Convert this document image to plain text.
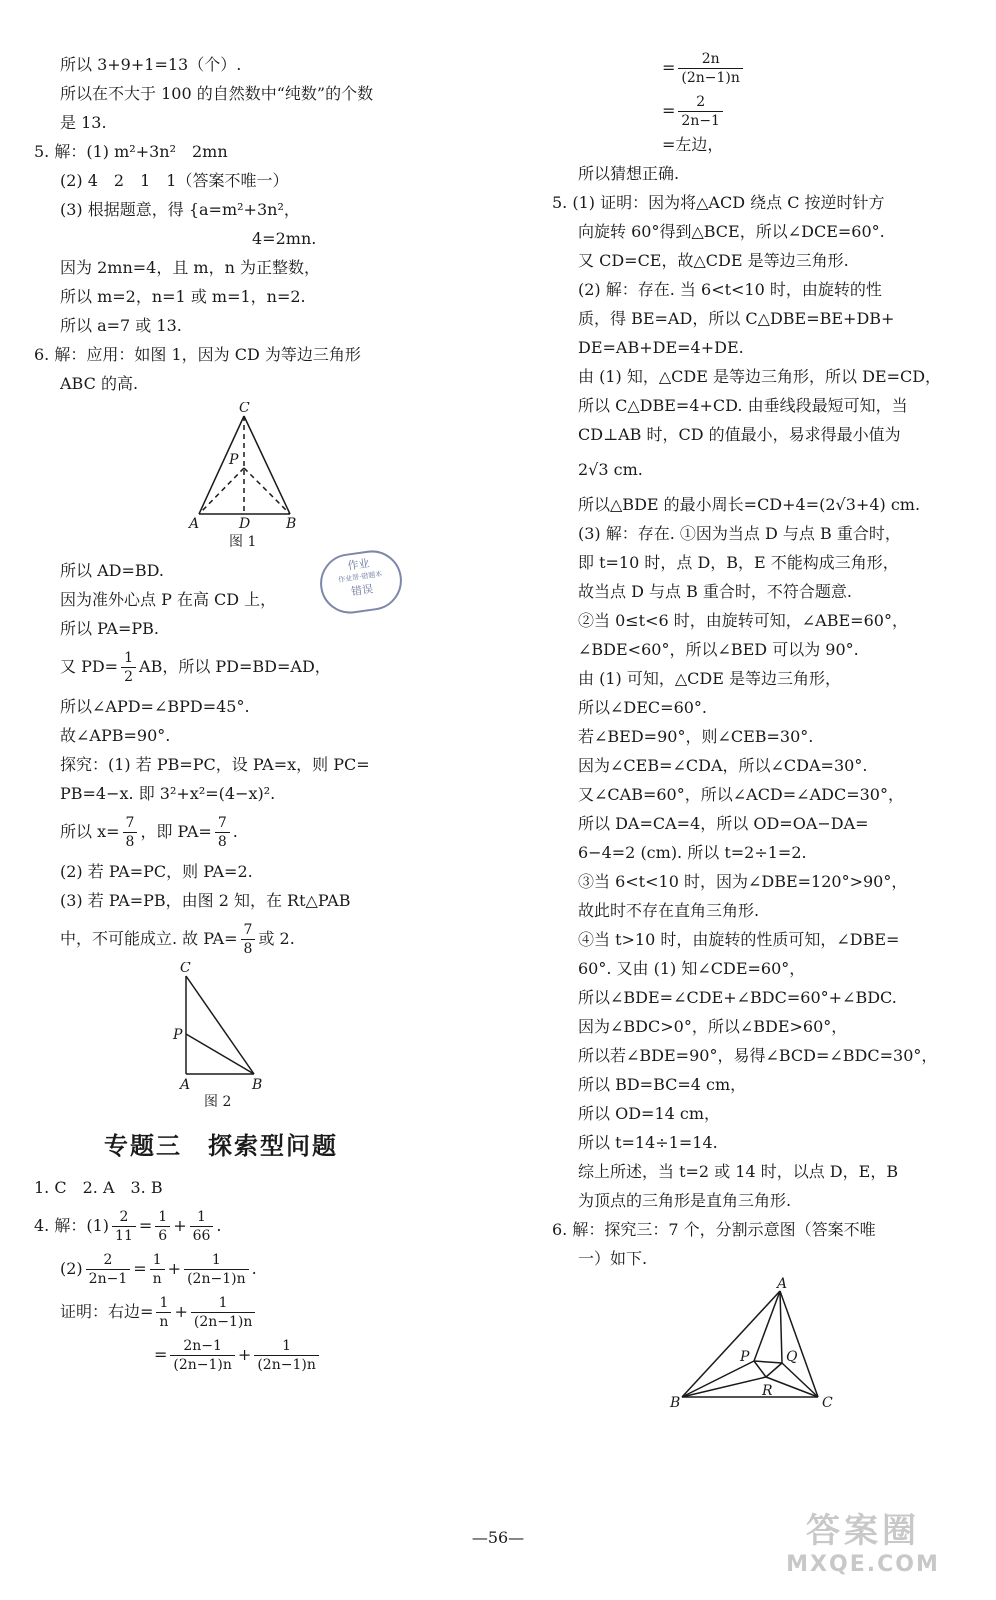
所以 3+9+1=13（个）.

所以在不大于 100 的自然数中“纯数”的个数

是 13.

5. 解：(1) m²+3n²　2mn

(2) 4　2　1　1（答案不唯一）

(3) 根据题意，得 {a=m²+3n²，

4=2mn.

因为 2mn=4，且 m，n 为正整数，

所以 m=2，n=1 或 m=1，n=2.

所以 a=7 或 13.

6. 解：应用：如图 1，因为 CD 为等边三角形

ABC 的高.

C
P
A	D	B
图 1

所以 AD=BD.

因为准外心点 P 在高 CD 上，

所以 PA=PB.

又 $PD= \frac{1}{2}$ AB，所以 PD=BD=AD，

所以∠APD=∠BPD=45°.

故∠APB=90°.

探究：(1) 若 PB=PC，设 PA=x，则 PC=

PB=4−x. 即 3²+x²=(4−x)².

所以 $x= \frac{7}{8}$ ，即 $PA= \frac{7}{8}$ .

(2) 若 PA=PC，则 PA=2.

(3) 若 PA=PB，由图 2 知，在 Rt△PAB

中，不可能成立. 故 $PA= \frac{7}{8}$ 或 2.

C
P
A	B
图 2
专题三　探索型问题

1. C　2. A　3. B

4. 解：$(1) \frac{2}{11} = \frac{1}{6} + \frac{1}{66}$ .

$(2) \frac{2}{2n-1} = \frac{1}{n} + \frac{1}{(2n-1)n}$ .

证明：右边= $\frac{1}{n} + \frac{1}{(2n-1)n}$

= $\frac{2n-1}{(2n-1)n} + \frac{1}{(2n-1)n}$

= $\frac{2n}{(2n-1)n}$

= $\frac{2}{2n-1}$

=左边，

所以猜想正确.

5. (1) 证明：因为将△ACD 绕点 C 按逆时针方

向旋转 60°得到△BCE，所以∠DCE=60°.

又 CD=CE，故△CDE 是等边三角形.

(2) 解：存在. 当 6<t<10 时，由旋转的性

质，得 BE=AD，所以 C△DBE=BE+DB+

DE=AB+DE=4+DE.

由 (1) 知，△CDE 是等边三角形，所以 DE=CD，

所以 C△DBE=4+CD. 由垂线段最短可知，当

CD⊥AB 时，CD 的值最小，易求得最小值为

2√3 cm.

所以△BDE 的最小周长=CD+4=(2√3+4) cm.

(3) 解：存在. ①因为当点 D 与点 B 重合时，

即 t=10 时，点 D，B，E 不能构成三角形，

故当点 D 与点 B 重合时，不符合题意.

②当 0≤t<6 时，由旋转可知，∠ABE=60°，

∠BDE<60°，所以∠BED 可以为 90°.

由 (1) 可知，△CDE 是等边三角形，

所以∠DEC=60°.

若∠BED=90°，则∠CEB=30°.

因为∠CEB=∠CDA，所以∠CDA=30°.

又∠CAB=60°，所以∠ACD=∠ADC=30°，

所以 DA=CA=4，所以 OD=OA−DA=

6−4=2 (cm). 所以 t=2÷1=2.

③当 6<t<10 时，因为∠DBE=120°>90°，

故此时不存在直角三角形.

④当 t>10 时，由旋转的性质可知，∠DBE=

60°. 又由 (1) 知∠CDE=60°，

所以∠BDE=∠CDE+∠BDC=60°+∠BDC.

因为∠BDC>0°，所以∠BDE>60°，

所以若∠BDE=90°，易得∠BCD=∠BDC=30°，

所以 BD=BC=4 cm，

所以 OD=14 cm，

所以 t=14÷1=14.

综上所述，当 t=2 或 14 时，以点 D，E，B

为顶点的三角形是直角三角形.

6. 解：探究三：7 个，分割示意图（答案不唯

一）如下.

A
P	Q
R
B	C
作业
作业帮·错题本
错误
—56—	答案圈
MXQE.COM
